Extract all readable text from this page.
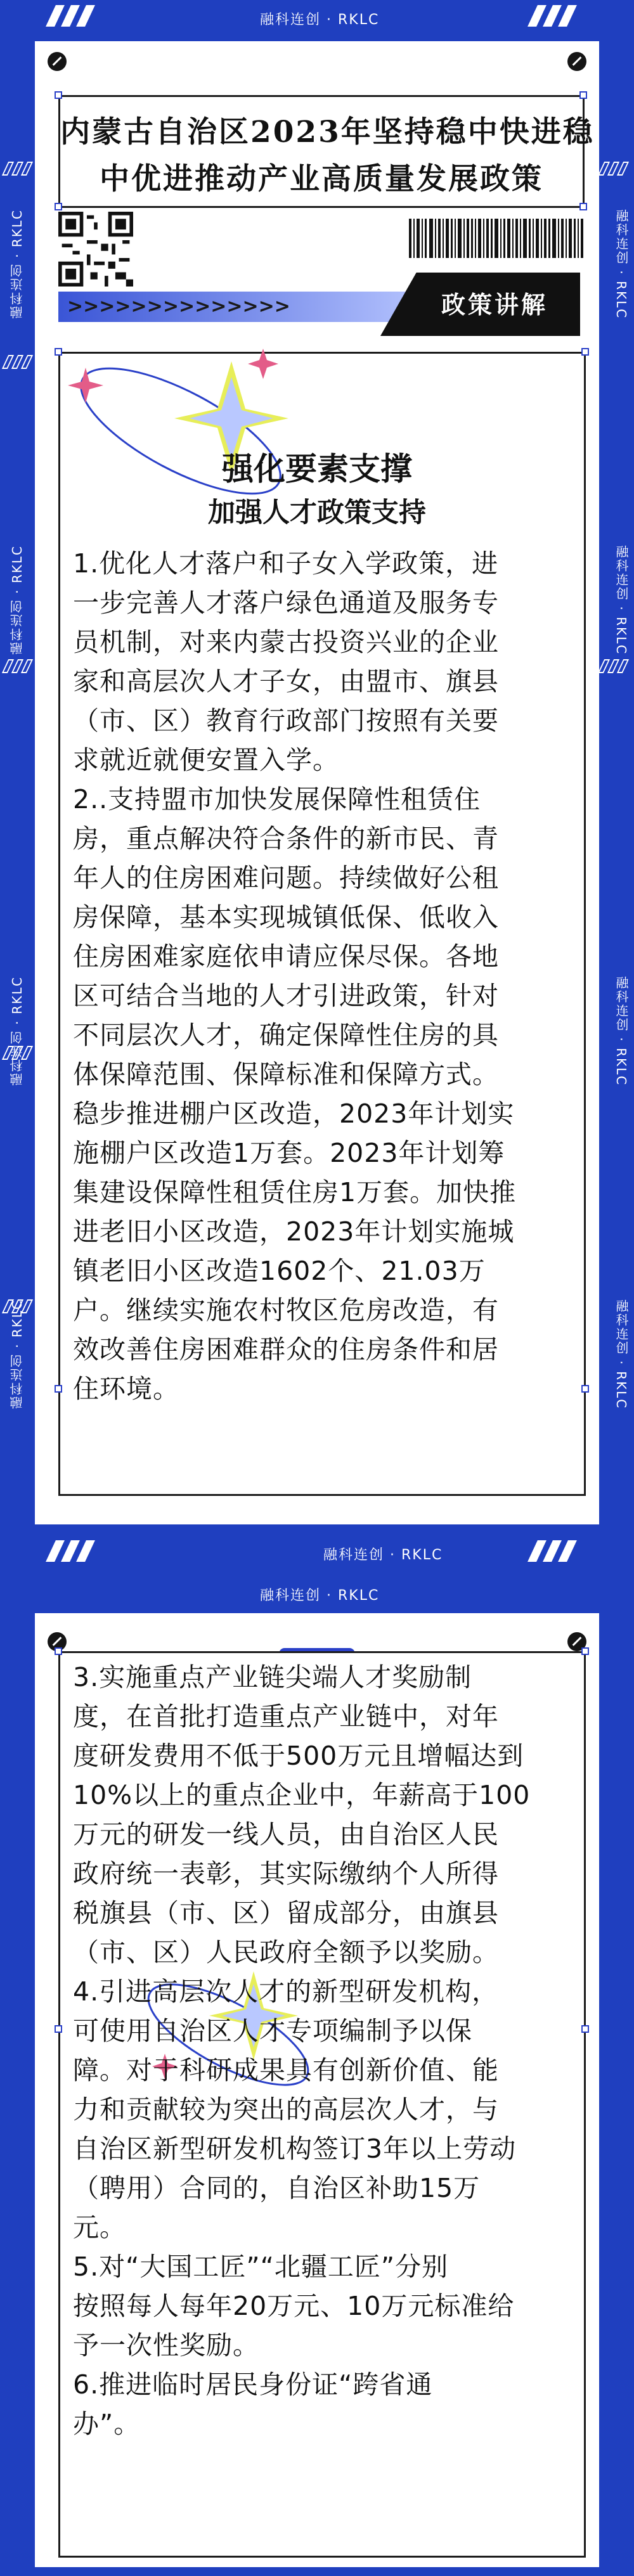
融科连创 · RKLC
融科连创 · RKLC
融科连创 · RKLC
融科连创 · RKLC
融科连创 · RKLC
融科连创 · RKLC
融科连创 · RKLC
融科连创 · RKLC
融科连创 · RKLC
内蒙古自治区2023年坚持稳中快进稳
中优进推动产业高质量发展政策
>>>>>>>>>>>>>>	政策讲解
强化要素支撑
加强人才政策支持
1.优化人才落户和子女入学政策，进
一步完善人才落户绿色通道及服务专
员机制，对来内蒙古投资兴业的企业
家和高层次人才子女，由盟市、旗县
（市、区）教育行政部门按照有关要
求就近就便安置入学。
2..支持盟市加快发展保障性租赁住
房，重点解决符合条件的新市民、青
年人的住房困难问题。持续做好公租
房保障，基本实现城镇低保、低收入
住房困难家庭依申请应保尽保。各地
区可结合当地的人才引进政策，针对
不同层次人才，确定保障性住房的具
体保障范围、保障标准和保障方式。
稳步推进棚户区改造，2023年计划实
施棚户区改造1万套。2023年计划筹
集建设保障性租赁住房1万套。加快推
进老旧小区改造，2023年计划实施城
镇老旧小区改造1602个、21.03万
户。继续实施农村牧区危房改造，有
效改善住房困难群众的住房条件和居
住环境。
融科连创 · RKLC
融科连创 · RKLC
3.实施重点产业链尖端人才奖励制
度，在首批打造重点产业链中，对年
度研发费用不低于500万元且增幅达到
10%以上的重点企业中，年薪高于100
万元的研发一线人员，由自治区人民
政府统一表彰，其实际缴纳个人所得
税旗县（市、区）留成部分，由旗县
（市、区）人民政府全额予以奖励。
4.引进高层次人才的新型研发机构，
可使用自治区人才专项编制予以保
障。对于科研成果具有创新价值、能
力和贡献较为突出的高层次人才，与
自治区新型研发机构签订3年以上劳动
（聘用）合同的，自治区补助15万
元。
5.对“大国工匠”“北疆工匠”分别
按照每人每年20万元、10万元标准给
予一次性奖励。
6.推进临时居民身份证“跨省通
办”。
